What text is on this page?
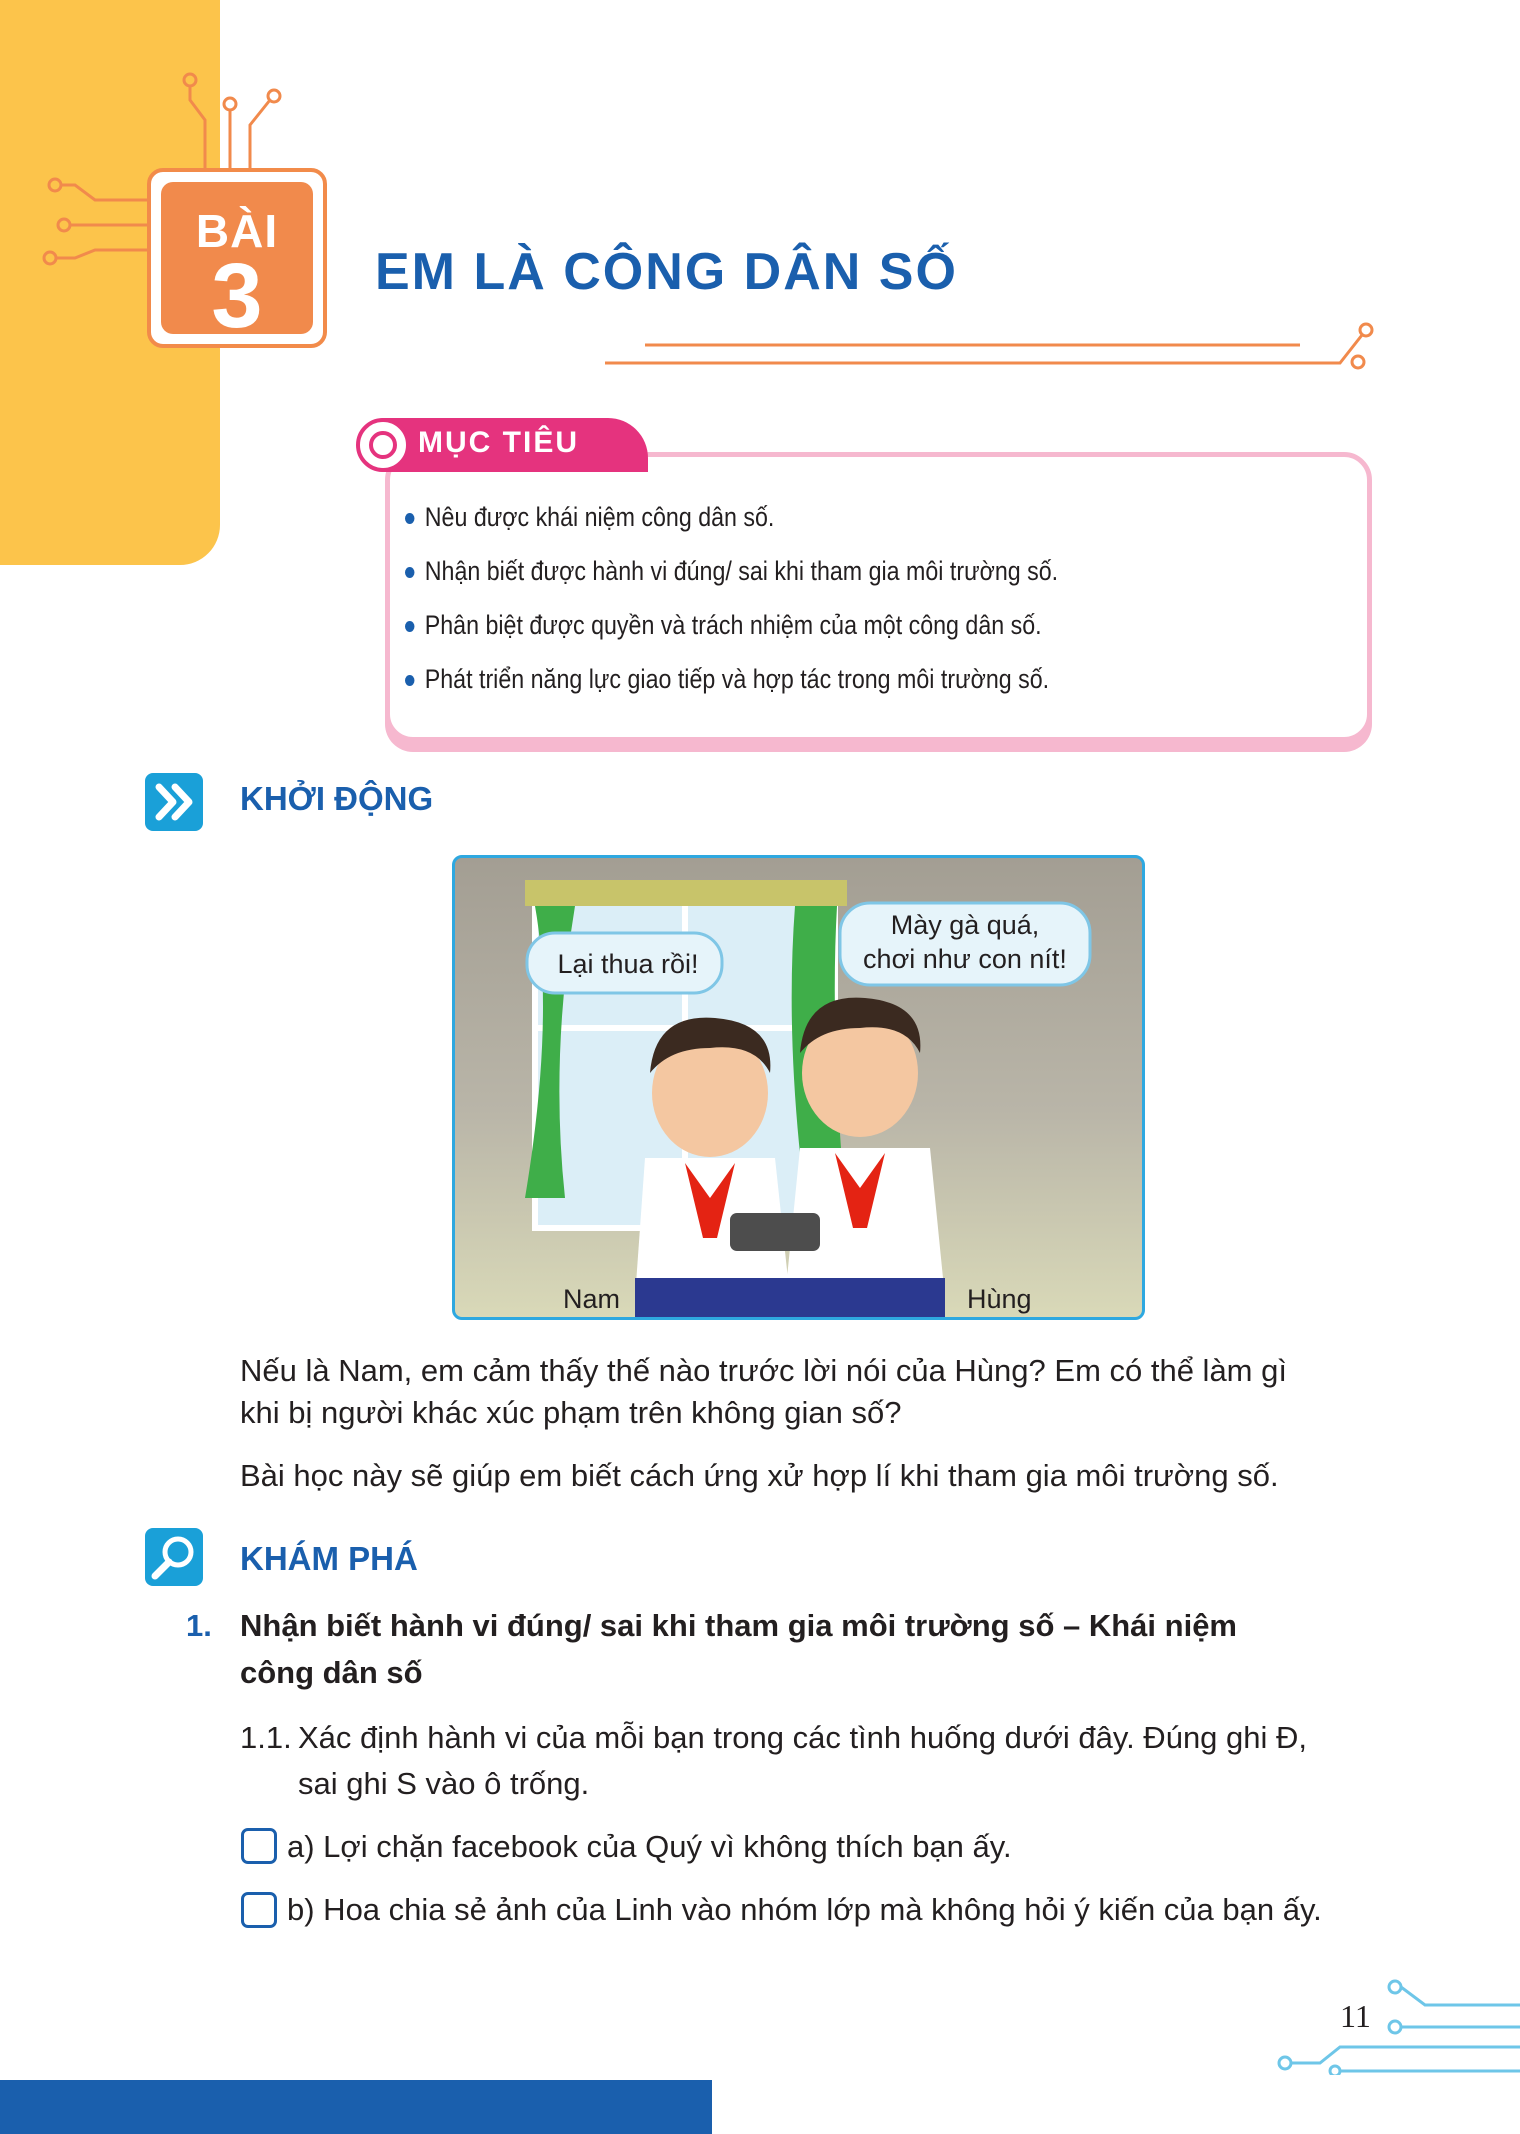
BÀI
3	EM LÀ CÔNG DÂN SỐ
MỤC TIÊU
Nêu được khái niệm công dân số.
Nhận biết được hành vi đúng/ sai khi tham gia môi trường số.
Phân biệt được quyền và trách nhiệm của một công dân số.
Phát triển năng lực giao tiếp và hợp tác trong môi trường số.
KHỞI ĐỘNG
Lại thua rồi!
Mày gà quá,
chơi như con nít!
Nam	Hùng
Nếu là Nam, em cảm thấy thế nào trước lời nói của Hùng? Em có thể làm gì
khi bị người khác xúc phạm trên không gian số?
Bài học này sẽ giúp em biết cách ứng xử hợp lí khi tham gia môi trường số.
KHÁM PHÁ
1. Nhận biết hành vi đúng/ sai khi tham gia môi trường số – Khái niệm
công dân số
1.1. Xác định hành vi của mỗi bạn trong các tình huống dưới đây. Đúng ghi Đ,
sai ghi S vào ô trống.
a) Lợi chặn facebook của Quý vì không thích bạn ấy.
b) Hoa chia sẻ ảnh của Linh vào nhóm lớp mà không hỏi ý kiến của bạn ấy.
11
